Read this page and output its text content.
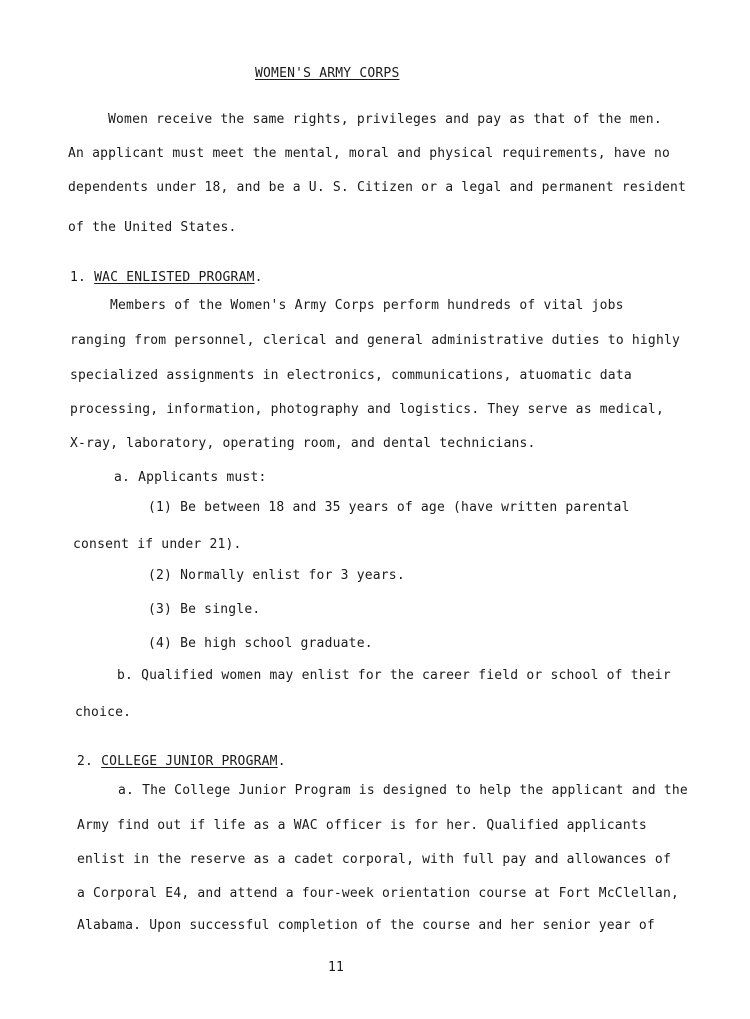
WOMEN'S ARMY CORPS
Women receive the same rights, privileges and pay as that of the men.
An applicant must meet the mental, moral and physical requirements, have no
dependents under 18, and be a U. S. Citizen or a legal and permanent resident
of the United States.
1. WAC ENLISTED PROGRAM.
Members of the Women's Army Corps perform hundreds of vital jobs
ranging from personnel, clerical and general administrative duties to highly
specialized assignments in electronics, communications, atuomatic data
processing, information, photography and logistics. They serve as medical,
X-ray, laboratory, operating room, and dental technicians.
a. Applicants must:
(1) Be between 18 and 35 years of age (have written parental
consent if under 21).
(2) Normally enlist for 3 years.
(3) Be single.
(4) Be high school graduate.
b. Qualified women may enlist for the career field or school of their
choice.
2. COLLEGE JUNIOR PROGRAM.
a. The College Junior Program is designed to help the applicant and the
Army find out if life as a WAC officer is for her. Qualified applicants
enlist in the reserve as a cadet corporal, with full pay and allowances of
a Corporal E4, and attend a four-week orientation course at Fort McClellan,
Alabama. Upon successful completion of the course and her senior year of
11
